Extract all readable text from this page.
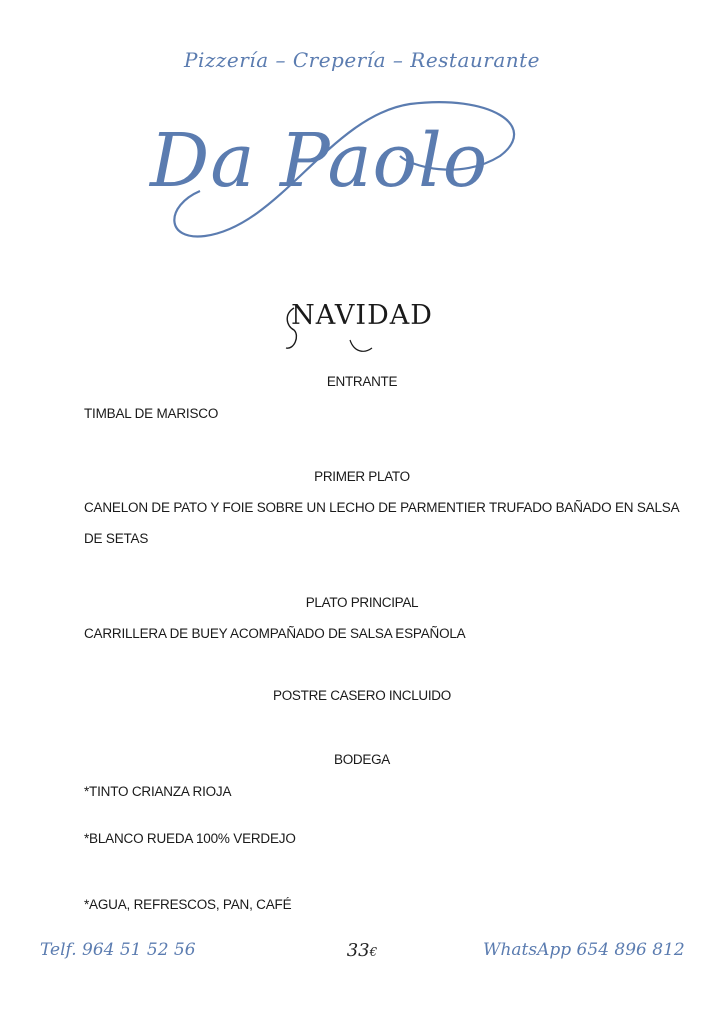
Pizzería – Crepería – Restaurante
Da Paolo
NAVIDAD
ENTRANTE
TIMBAL DE MARISCO
PRIMER PLATO
CANELON DE PATO Y FOIE SOBRE UN LECHO DE PARMENTIER TRUFADO BAÑADO EN SALSA DE SETAS
PLATO PRINCIPAL
CARRILLERA DE BUEY ACOMPAÑADO DE SALSA ESPAÑOLA
POSTRE CASERO INCLUIDO
BODEGA
*TINTO CRIANZA RIOJA
*BLANCO RUEDA 100% VERDEJO
*AGUA, REFRESCOS, PAN, CAFÉ
Telf. 964 51 52 56	33€	WhatsApp 654 896 812
